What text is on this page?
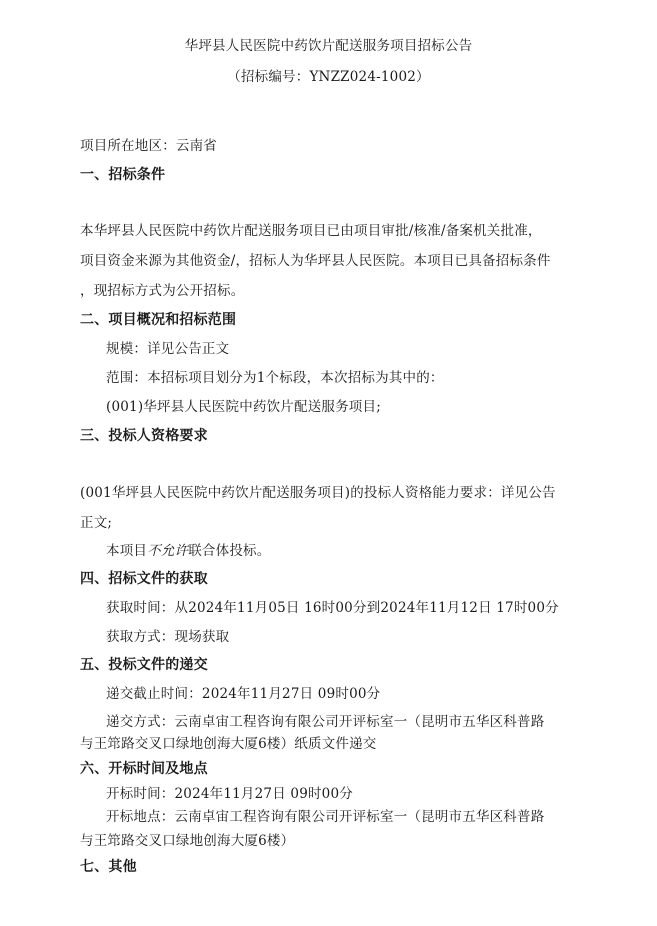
华坪县人民医院中药饮片配送服务项目招标公告
（招标编号：YNZZ024-1002）
项目所在地区：云南省
一、招标条件
本华坪县人民医院中药饮片配送服务项目已由项目审批/核准/备案机关批准，
项目资金来源为其他资金/，招标人为华坪县人民医院。本项目已具备招标条件
，现招标方式为公开招标。
二、项目概况和招标范围
规模：详见公告正文
范围：本招标项目划分为1个标段，本次招标为其中的：
(001)华坪县人民医院中药饮片配送服务项目;
三、投标人资格要求
(001华坪县人民医院中药饮片配送服务项目)的投标人资格能力要求：详见公告
正文;
本项目不允许联合体投标。
四、招标文件的获取
获取时间：从2024年11月05日 16时00分到2024年11月12日 17时00分
获取方式：现场获取
五、投标文件的递交
递交截止时间：2024年11月27日 09时00分
递交方式：云南卓宙工程咨询有限公司开评标室一（昆明市五华区科普路
与王筇路交叉口绿地创海大厦6楼）纸质文件递交
六、开标时间及地点
开标时间：2024年11月27日 09时00分
开标地点：云南卓宙工程咨询有限公司开评标室一（昆明市五华区科普路
与王筇路交叉口绿地创海大厦6楼）
七、其他
